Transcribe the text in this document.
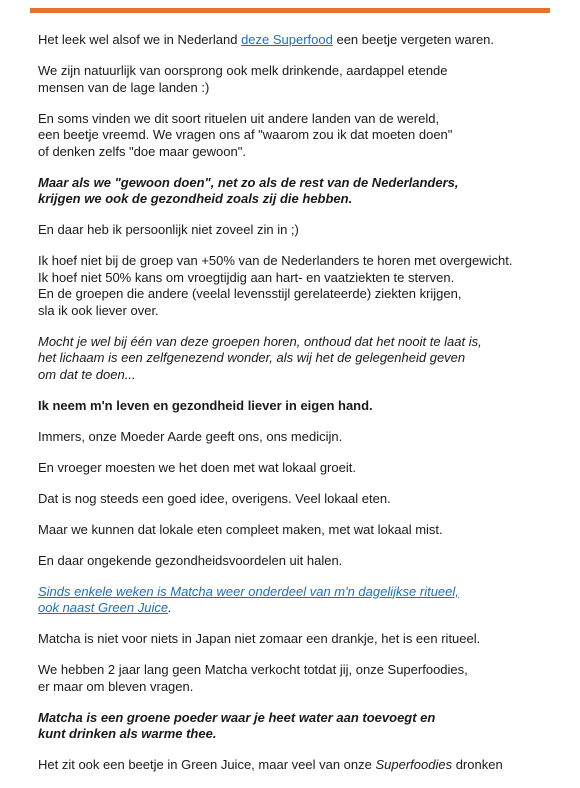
Het leek wel alsof we in Nederland deze Superfood een beetje vergeten waren.

We zijn natuurlijk van oorsprong ook melk drinkende, aardappel etende
mensen van de lage landen :)

En soms vinden we dit soort rituelen uit andere landen van de wereld,
een beetje vreemd. We vragen ons af "waarom zou ik dat moeten doen"
of denken zelfs "doe maar gewoon".

Maar als we "gewoon doen", net zo als de rest van de Nederlanders,
krijgen we ook de gezondheid zoals zij die hebben.

En daar heb ik persoonlijk niet zoveel zin in ;)

Ik hoef niet bij de groep van +50% van de Nederlanders te horen met overgewicht.
Ik hoef niet 50% kans om vroegtijdig aan hart- en vaatziekten te sterven.
En de groepen die andere (veelal levensstijl gerelateerde) ziekten krijgen,
sla ik ook liever over.

Mocht je wel bij één van deze groepen horen, onthoud dat het nooit te laat is,
het lichaam is een zelfgenezend wonder, als wij het de gelegenheid geven
om dat te doen...

Ik neem m'n leven en gezondheid liever in eigen hand.

Immers, onze Moeder Aarde geeft ons, ons medicijn.

En vroeger moesten we het doen met wat lokaal groeit.

Dat is nog steeds een goed idee, overigens. Veel lokaal eten.

Maar we kunnen dat lokale eten compleet maken, met wat lokaal mist.

En daar ongekende gezondheidsvoordelen uit halen.

Sinds enkele weken is Matcha weer onderdeel van m'n dagelijkse ritueel,
ook naast Green Juice.

Matcha is niet voor niets in Japan niet zomaar een drankje, het is een ritueel.

We hebben 2 jaar lang geen Matcha verkocht totdat jij, onze Superfoodies,
er maar om bleven vragen.

Matcha is een groene poeder waar je heet water aan toevoegt en
kunt drinken als warme thee.

Het zit ook een beetje in Green Juice, maar veel van onze Superfoodies dronken
